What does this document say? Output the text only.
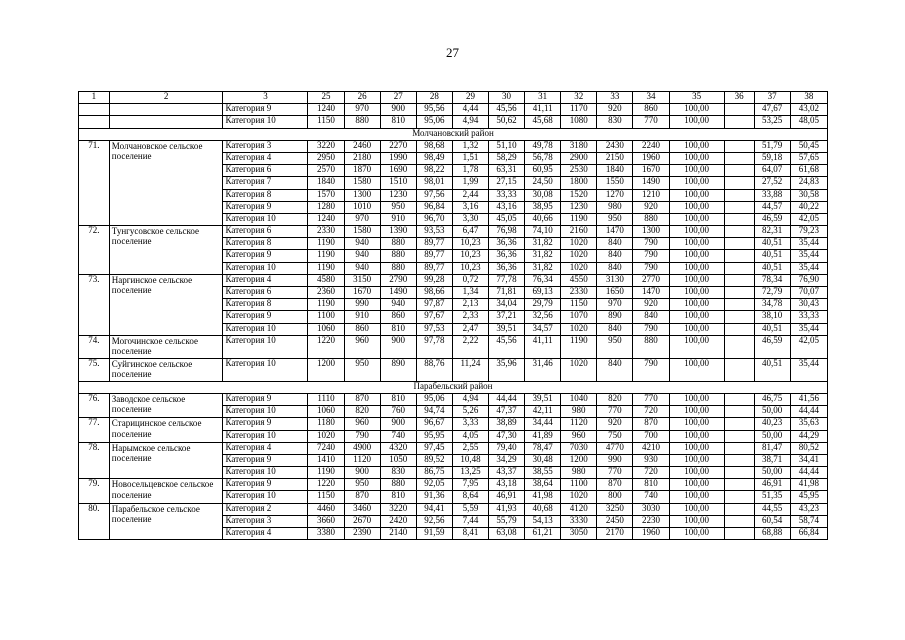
27
1	2	3	25	26	27	28	29	30	31	32	33	34	35	36	37	38
		Категория 9	1240	970	900	95,56	4,44	45,56	41,11	1170	920	860	100,00		47,67	43,02
		Категория 10	1150	880	810	95,06	4,94	50,62	45,68	1080	830	770	100,00		53,25	48,05
Молчановский район																
71.	Молчановское сельское поселение	Категория 3	3220	2460	2270	98,68	1,32	51,10	49,78	3180	2430	2240	100,00		51,79	50,45
		Категория 4	2950	2180	1990	98,49	1,51	58,29	56,78	2900	2150	1960	100,00		59,18	57,65
		Категория 6	2570	1870	1690	98,22	1,78	63,31	60,95	2530	1840	1670	100,00		64,07	61,68
		Категория 7	1840	1580	1510	98,01	1,99	27,15	24,50	1800	1550	1490	100,00		27,52	24,83
		Категория 8	1570	1300	1230	97,56	2,44	33,33	30,08	1520	1270	1210	100,00		33,88	30,58
		Категория 9	1280	1010	950	96,84	3,16	43,16	38,95	1230	980	920	100,00		44,57	40,22
		Категория 10	1240	970	910	96,70	3,30	45,05	40,66	1190	950	880	100,00		46,59	42,05
72.	Тунгусовское сельское поселение	Категория 6	2330	1580	1390	93,53	6,47	76,98	74,10	2160	1470	1300	100,00		82,31	79,23
		Категория 8	1190	940	880	89,77	10,23	36,36	31,82	1020	840	790	100,00		40,51	35,44
		Категория 9	1190	940	880	89,77	10,23	36,36	31,82	1020	840	790	100,00		40,51	35,44
		Категория 10	1190	940	880	89,77	10,23	36,36	31,82	1020	840	790	100,00		40,51	35,44
73.	Наргинское сельское поселение	Категория 4	4580	3150	2790	99,28	0,72	77,78	76,34	4550	3130	2770	100,00		78,34	76,90
		Категория 6	2360	1670	1490	98,66	1,34	71,81	69,13	2330	1650	1470	100,00		72,79	70,07
		Категория 8	1190	990	940	97,87	2,13	34,04	29,79	1150	970	920	100,00		34,78	30,43
		Категория 9	1100	910	860	97,67	2,33	37,21	32,56	1070	890	840	100,00		38,10	33,33
		Категория 10	1060	860	810	97,53	2,47	39,51	34,57	1020	840	790	100,00		40,51	35,44
74.	Могочинское сельское поселение	Категория 10	1220	960	900	97,78	2,22	45,56	41,11	1190	950	880	100,00		46,59	42,05
75.	Суйгинское сельское поселение	Категория 10	1200	950	890	88,76	11,24	35,96	31,46	1020	840	790	100,00		40,51	35,44
Парабельский район																
76.	Заводское сельское поселение	Категория 9	1110	870	810	95,06	4,94	44,44	39,51	1040	820	770	100,00		46,75	41,56
		Категория 10	1060	820	760	94,74	5,26	47,37	42,11	980	770	720	100,00		50,00	44,44
77.	Старицинское сельское поселение	Категория 9	1180	960	900	96,67	3,33	38,89	34,44	1120	920	870	100,00		40,23	35,63
		Категория 10	1020	790	740	95,95	4,05	47,30	41,89	960	750	700	100,00		50,00	44,29
78.	Нарымское сельское поселение	Категория 4	7240	4900	4320	97,45	2,55	79,40	78,47	7030	4770	4210	100,00		81,47	80,52
		Категория 9	1410	1120	1050	89,52	10,48	34,29	30,48	1200	990	930	100,00		38,71	34,41
		Категория 10	1190	900	830	86,75	13,25	43,37	38,55	980	770	720	100,00		50,00	44,44
79.	Новосельцевское сельское поселение	Категория 9	1220	950	880	92,05	7,95	43,18	38,64	1100	870	810	100,00		46,91	41,98
		Категория 10	1150	870	810	91,36	8,64	46,91	41,98	1020	800	740	100,00		51,35	45,95
80.	Парабельское сельское поселение	Категория 2	4460	3460	3220	94,41	5,59	41,93	40,68	4120	3250	3030	100,00		44,55	43,23
		Категория 3	3660	2670	2420	92,56	7,44	55,79	54,13	3330	2450	2230	100,00		60,54	58,74
		Категория 4	3380	2390	2140	91,59	8,41	63,08	61,21	3050	2170	1960	100,00		68,88	66,84
